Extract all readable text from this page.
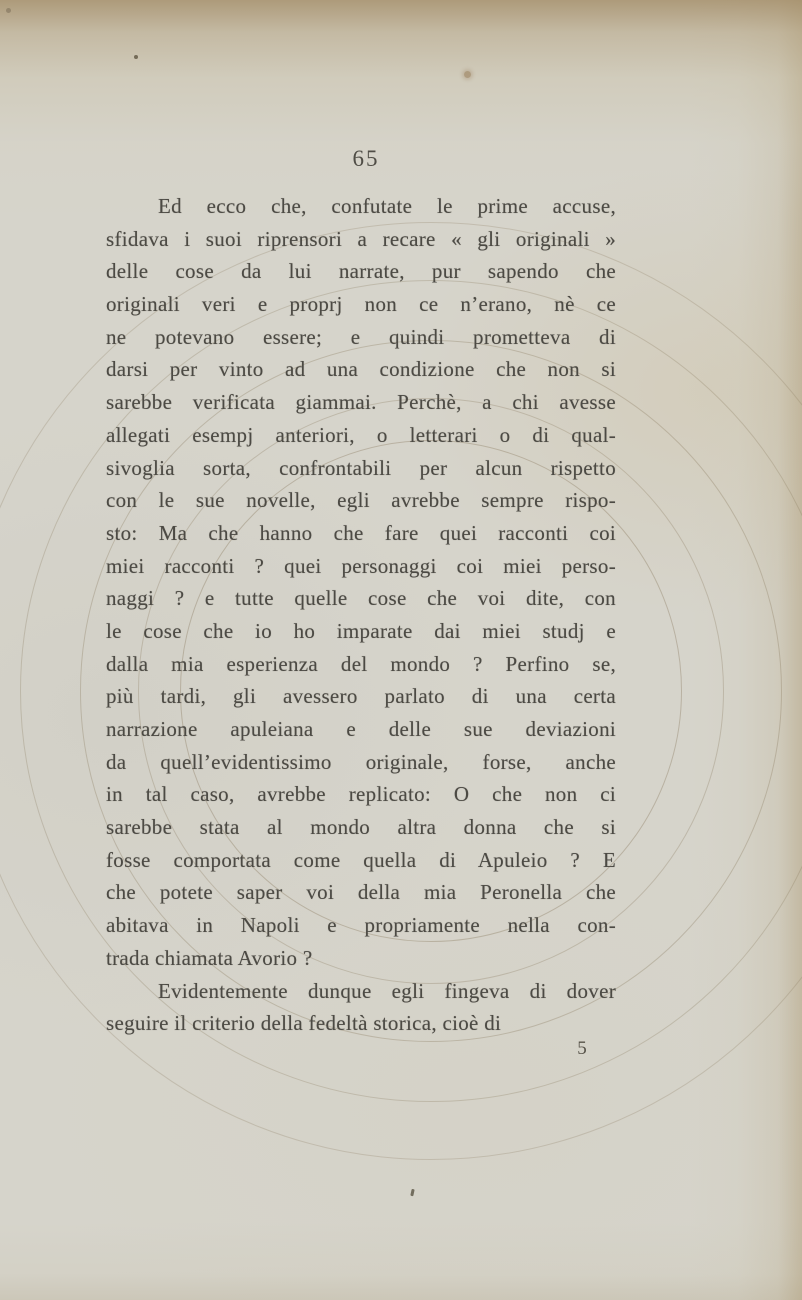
65
Ed ecco che, confutate le prime accuse,
sfidava i suoi riprensori a recare « gli originali »
delle cose da lui narrate, pur sapendo che
originali veri e proprj non ce n’erano, nè ce
ne potevano essere; e quindi prometteva di
darsi per vinto ad una condizione che non si
sarebbe verificata giammai. Perchè, a chi avesse
allegati esempj anteriori, o letterari o di qual-
sivoglia sorta, confrontabili per alcun rispetto
con le sue novelle, egli avrebbe sempre rispo-
sto: Ma che hanno che fare quei racconti coi
miei racconti ? quei personaggi coi miei perso-
naggi ? e tutte quelle cose che voi dite, con
le cose che io ho imparate dai miei studj e
dalla mia esperienza del mondo ? Perfino se,
più tardi, gli avessero parlato di una certa
narrazione apuleiana e delle sue deviazioni
da quell’evidentissimo originale, forse, anche
in tal caso, avrebbe replicato: O che non ci
sarebbe stata al mondo altra donna che si
fosse comportata come quella di Apuleio ? E
che potete saper voi della mia Peronella che
abitava in Napoli e propriamente nella con-
trada chiamata Avorio ?
Evidentemente dunque egli fingeva di dover
seguire il criterio della fedeltà storica, cioè di
5
